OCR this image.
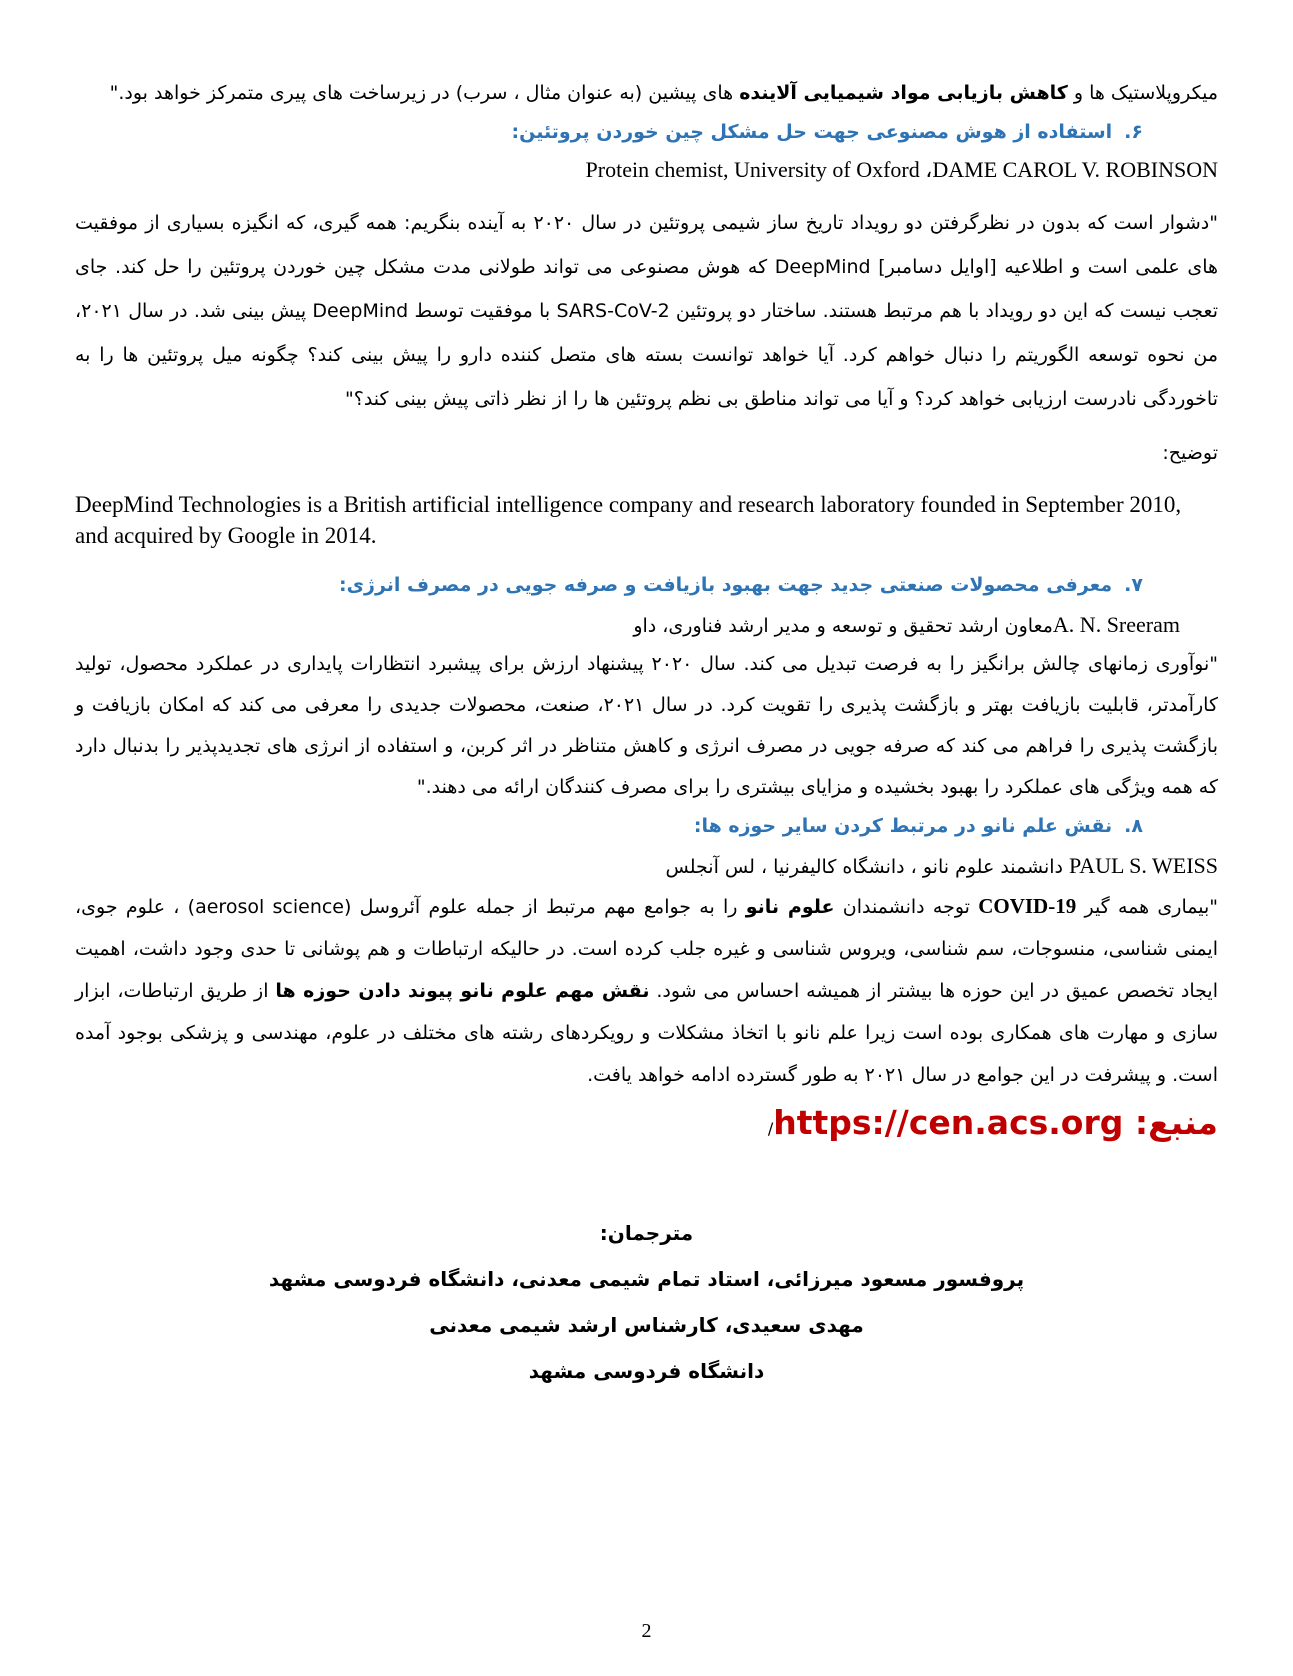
میکروپلاستیک ها و کاهش بازیابی مواد شیمیایی آلاینده های پیشین (به عنوان مثال ، سرب) در زیرساخت های پیری متمرکز خواهد بود."

۶.استفاده از هوش مصنوعی جهت حل مشکل چین خوردن پروتئین:

Protein chemist, University of Oxford ،DAME CAROL V. ROBINSON

"دشوار است که بدون در نظرگرفتن دو رویداد تاریخ ساز شیمی پروتئین در سال ۲۰۲۰ به آینده بنگریم: همه گیری، که انگیزه بسیاری از موفقیت های علمی است و اطلاعیه [اوایل دسامبر] DeepMind که هوش مصنوعی می تواند طولانی مدت مشکل چین خوردن پروتئین را حل کند. جای تعجب نیست که این دو رویداد با هم مرتبط هستند. ساختار دو پروتئین SARS-CoV-2 با موفقیت توسط DeepMind پیش بینی شد. در سال ۲۰۲۱، من نحوه توسعه الگوریتم را دنبال خواهم کرد. آیا خواهد توانست بسته های متصل کننده دارو را پیش بینی کند؟ چگونه میل پروتئین ها را به تاخوردگی نادرست ارزیابی خواهد کرد؟ و آیا می تواند مناطق بی نظم پروتئین ها را از نظر ذاتی پیش بینی کند؟"

توضیح:

DeepMind Technologies is a British artificial intelligence company and research laboratory founded in September 2010, and acquired by Google in 2014.

۷.معرفی محصولات صنعتی جدید جهت بهبود بازیافت و صرفه جویی در مصرف انرژی:

A. N. Sreeramمعاون ارشد تحقیق و توسعه و مدیر ارشد فناوری، داو

"نوآوری زمانهای چالش برانگیز را به فرصت تبدیل می کند. سال ۲۰۲۰ پیشنهاد ارزش برای پیشبرد انتظارات پایداری در عملکرد محصول، تولید کارآمدتر، قابلیت بازیافت بهتر و بازگشت پذیری را تقویت کرد. در سال ۲۰۲۱، صنعت، محصولات جدیدی را معرفی می کند که امکان بازیافت و بازگشت پذیری را فراهم می کند که صرفه جویی در مصرف انرژی و کاهش متناظر در اثر کربن، و استفاده از انرژی های تجدیدپذیر را بدنبال دارد که همه ویژگی های عملکرد را بهبود بخشیده و مزایای بیشتری را برای مصرف کنندگان ارائه می دهند."

۸.نقش علم نانو در مرتبط کردن سایر حوزه ها:

PAUL S. WEISS دانشمند علوم نانو ، دانشگاه کالیفرنیا ، لس آنجلس

"بیماری همه گیر COVID-19 توجه دانشمندان علوم نانو را به جوامع مهم مرتبط از جمله علوم آئروسل (aerosol science) ، علوم جوی، ایمنی شناسی، منسوجات، سم شناسی، ویروس شناسی و غیره جلب کرده است. در حالیکه ارتباطات و هم پوشانی تا حدی وجود داشت، اهمیت ایجاد تخصص عمیق در این حوزه ها بیشتر از همیشه احساس می شود. نقش مهم علوم نانو پیوند دادن حوزه ها از طریق ارتباطات، ابزار سازی و مهارت های همکاری بوده است زیرا علم نانو با اتخاذ مشکلات و رویکردهای رشته های مختلف در علوم، مهندسی و پزشکی بوجود آمده است. و پیشرفت در این جوامع در سال ۲۰۲۱ به طور گسترده ادامه خواهد یافت.

منبع: https://cen.acs.org/

مترجمان:

پروفسور مسعود میرزائی، استاد تمام شیمی معدنی، دانشگاه فردوسی مشهد

مهدی سعیدی، کارشناس ارشد شیمی معدنی

دانشگاه فردوسی مشهد

2
